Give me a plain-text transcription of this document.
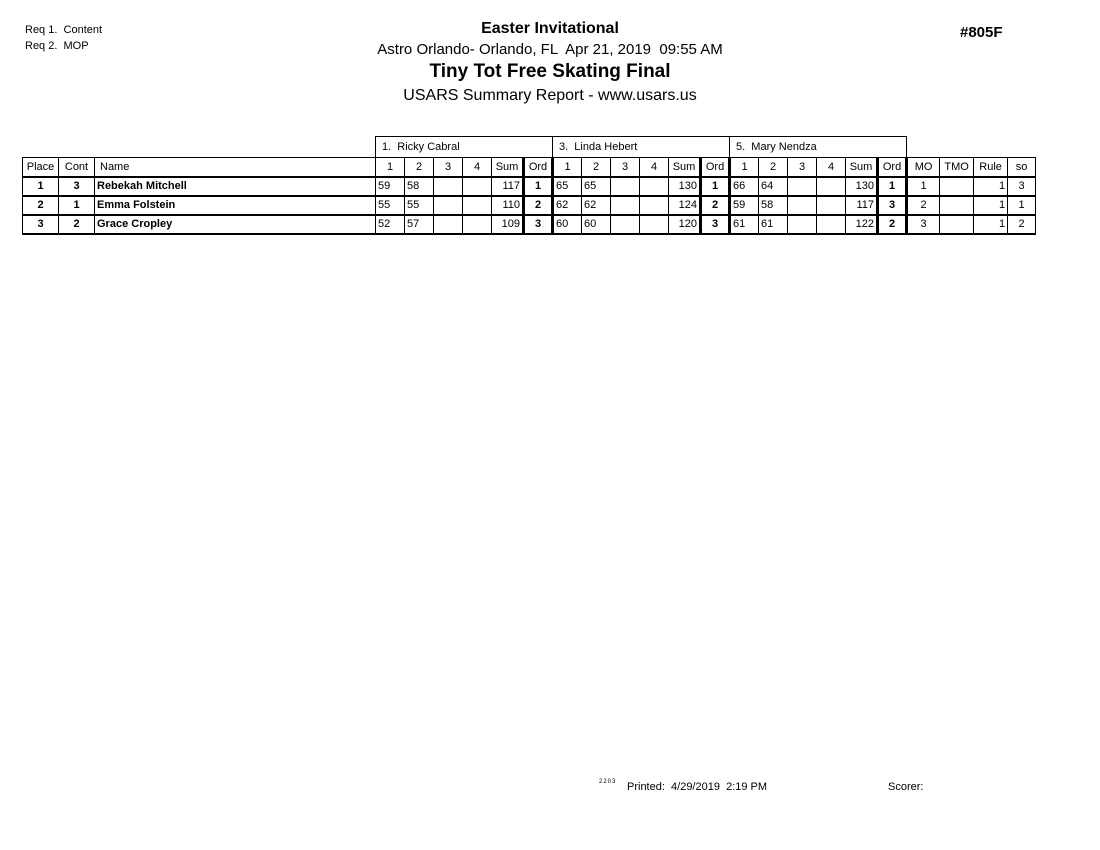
Req 1.  Content
Req 2.  MOP
Easter Invitational
Astro Orlando- Orlando, FL  Apr 21, 2019  09:55 AM
Tiny Tot Free Skating Final
USARS Summary Report - www.usars.us
#805F
			1.  Ricky Cabral						3.  Linda Hebert						5.  Mary Nendza									
Place	Cont	Name	1	2	3	4	Sum	Ord	1	2	3	4	Sum	Ord	1	2	3	4	Sum	Ord	MO	TMO	Rule	so
1	3	Rebekah Mitchell	59	58			117	1	65	65			130	1	66	64			130	1	1		1	3
2	1	Emma Folstein	55	55			110	2	62	62			124	2	59	58			117	3	2		1	1
3	2	Grace Cropley	52	57			109	3	60	60			120	3	61	61			122	2	3		1	2
2203 Printed:  4/29/2019  2:19 PM	Scorer:
